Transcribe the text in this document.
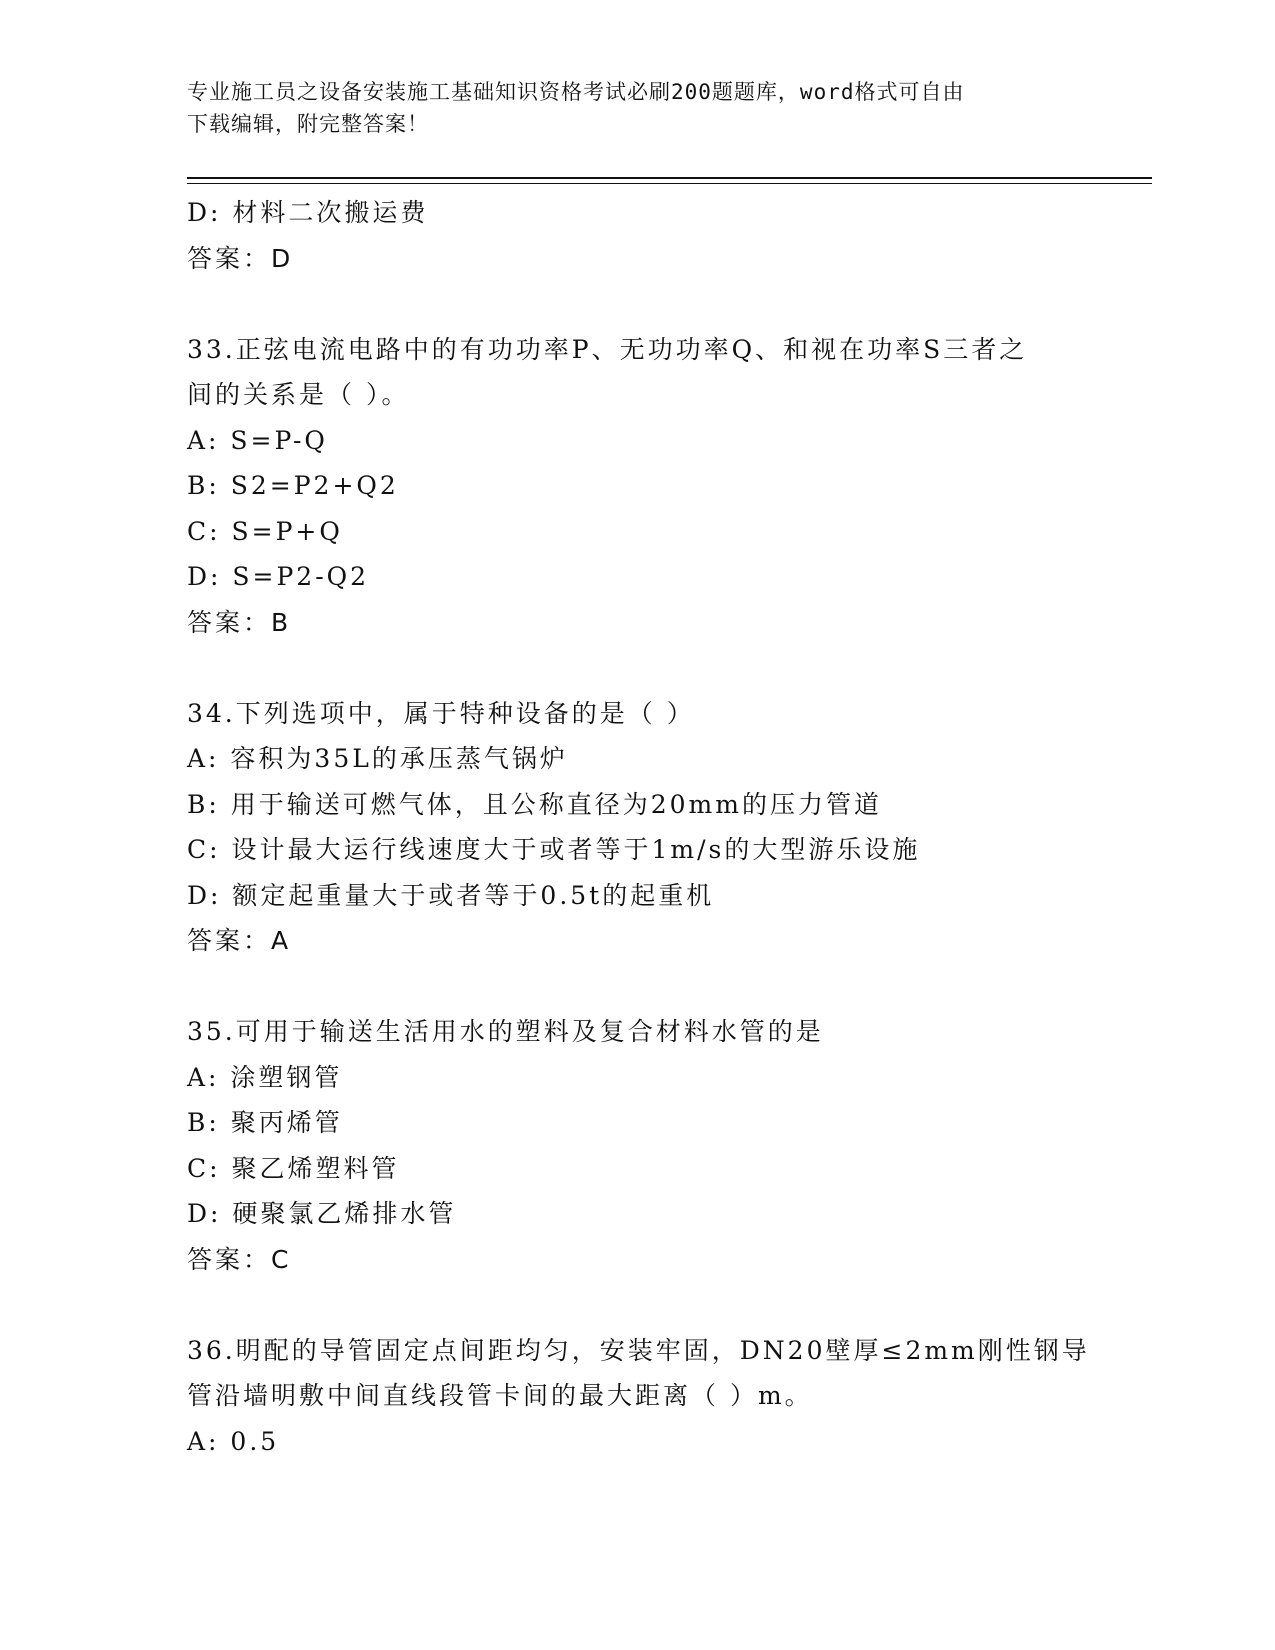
专业施工员之设备安装施工基础知识资格考试必刷200题题库，word格式可自由
下载编辑，附完整答案！
D: 材料二次搬运费
答案：D
33.正弦电流电路中的有功功率P、无功功率Q、和视在功率S三者之
间的关系是（ ）。
A: S=P-Q
B: S2=P2+Q2
C: S=P+Q
D: S=P2-Q2
答案：B
34.下列选项中，属于特种设备的是（ ）
A: 容积为35L的承压蒸气锅炉
B: 用于输送可燃气体，且公称直径为20mm的压力管道
C: 设计最大运行线速度大于或者等于1m/s的大型游乐设施
D: 额定起重量大于或者等于0.5t的起重机
答案：A
35.可用于输送生活用水的塑料及复合材料水管的是
A: 涂塑钢管
B: 聚丙烯管
C: 聚乙烯塑料管
D: 硬聚氯乙烯排水管
答案：C
36.明配的导管固定点间距均匀，安装牢固，DN20壁厚≤2mm刚性钢导
管沿墙明敷中间直线段管卡间的最大距离（ ）m。
A: 0.5
